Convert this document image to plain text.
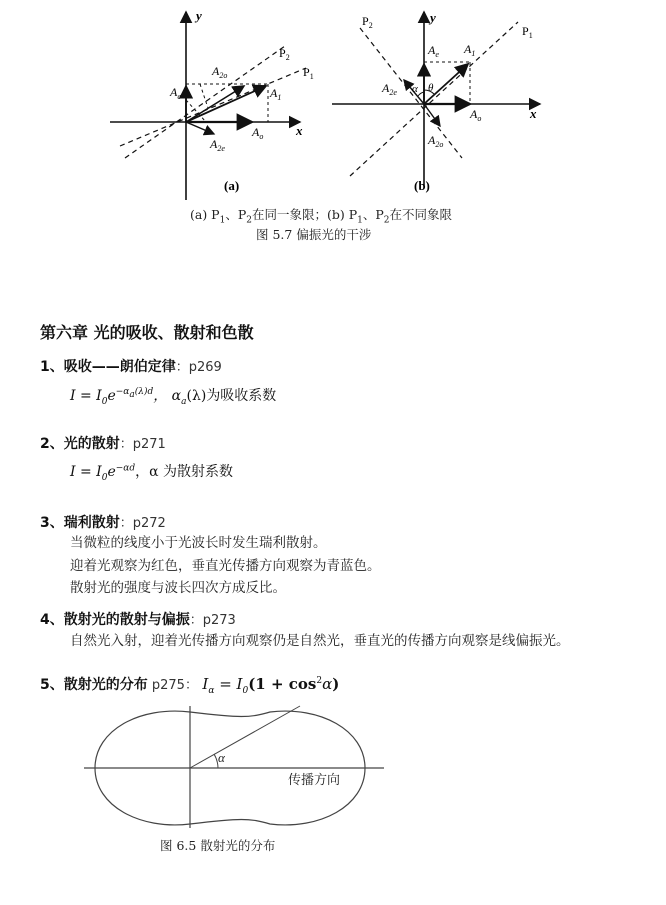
y
x
$P_2$
$P_1$
$A_e$
$A_{2o}$
$A_1$
$A_o$
$A_{2e}$
(a)
y
x
$P_2$	$P_1$
$A_e$ $A_1$
$A_{2e}$ α θ
$A_o$
$A_{2o}$
(b)
(a) $P_1$、$P_2$在同一象限；(b) $P_1$、$P_2$在不同象限
图 5.7 偏振光的干涉
第六章 光的吸收、散射和色散
1、吸收——朗伯定律：p269
$I = I_0e^{-\alpha_a(\lambda)d}$， $\alpha_a(\lambda)$为吸收系数
2、光的散射：p271
$I = I_0e^{-\alpha d}$，α 为散射系数
3、瑞利散射：p272
当微粒的线度小于光波长时发生瑞利散射。
迎着光观察为红色，垂直光传播方向观察为青蓝色。
散射光的强度与波长四次方成反比。
4、散射光的散射与偏振：p273
自然光入射，迎着光传播方向观察仍是自然光，垂直光的传播方向观察是线偏振光。
5、散射光的分布 p275： $I_\alpha = I_0(1 + \cos^2\alpha)$
α
传播方向
图 6.5 散射光的分布
